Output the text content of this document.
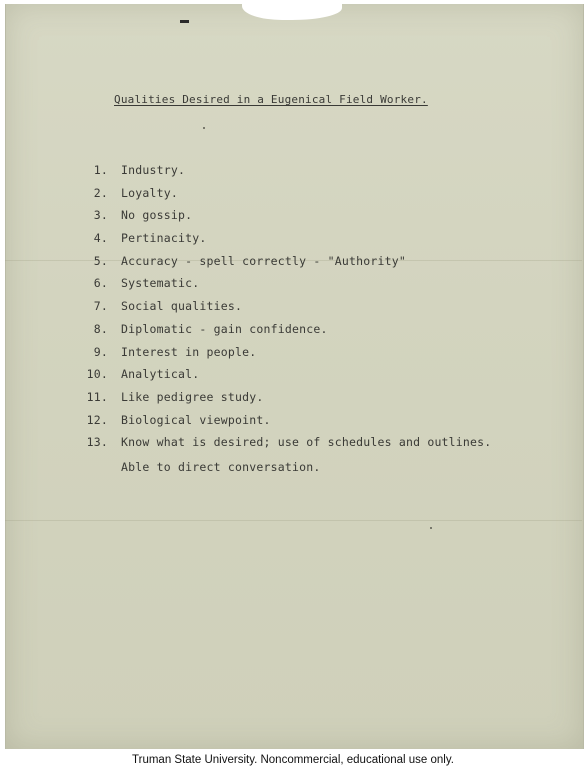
Qualities Desired in a Eugenical Field Worker.
1. Industry.
2. Loyalty.
3. No gossip.
4. Pertinacity.
5. Accuracy - spell correctly - "Authority"
6. Systematic.
7. Social qualities.
8. Diplomatic - gain confidence.
9. Interest in people.
10. Analytical.
11. Like pedigree study.
12. Biological viewpoint.
13. Know what is desired; use of schedules and outlines.
Able to direct conversation.
Truman State University. Noncommercial, educational use only.
